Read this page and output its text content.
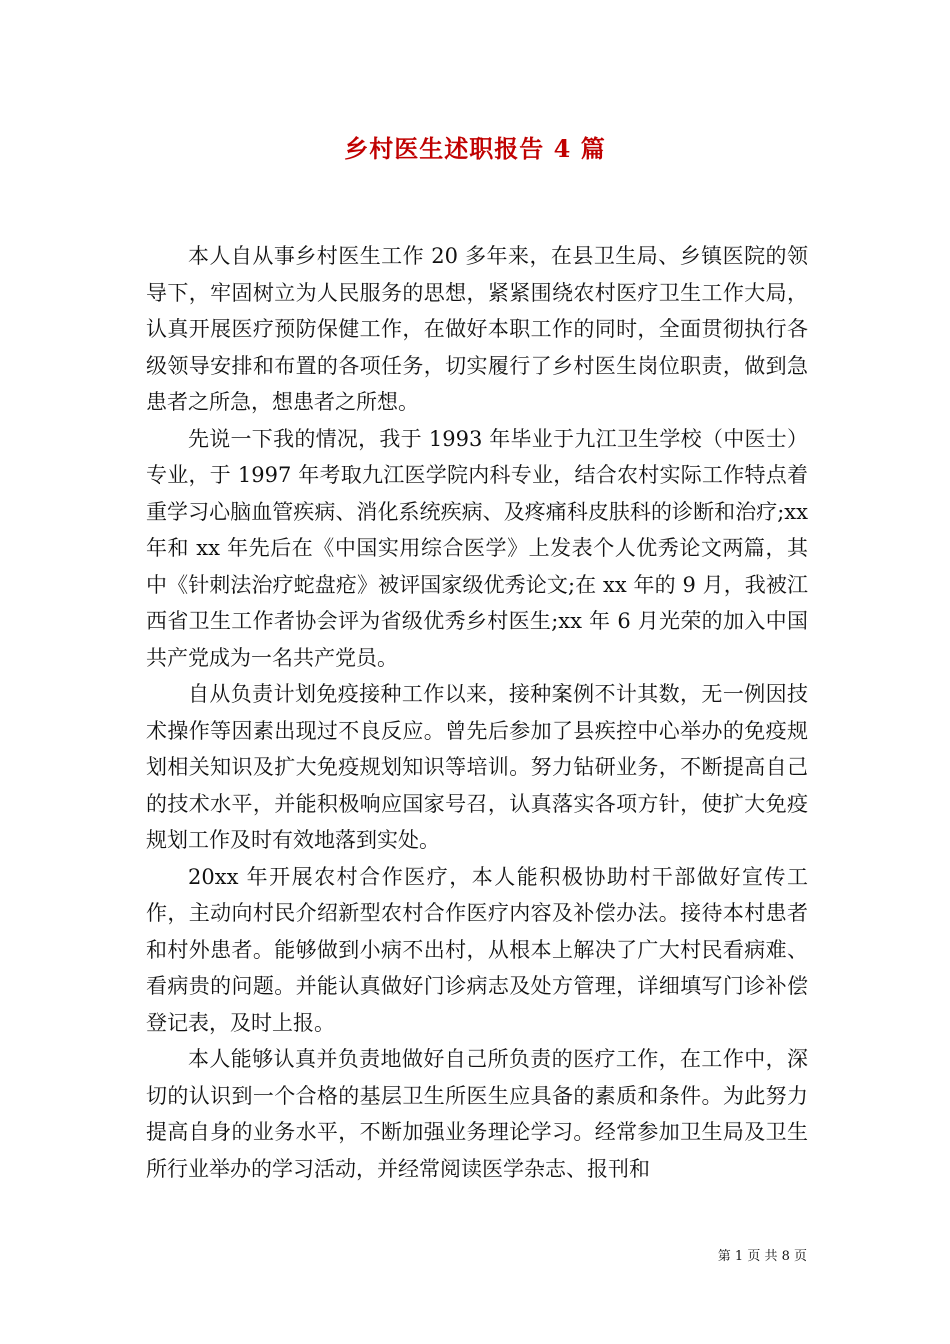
乡村医生述职报告 4 篇

本人自从事乡村医生工作 20 多年来，在县卫生局、乡镇医院的领导下，牢固树立为人民服务的思想，紧紧围绕农村医疗卫生工作大局，认真开展医疗预防保健工作，在做好本职工作的同时，全面贯彻执行各级领导安排和布置的各项任务，切实履行了乡村医生岗位职责，做到急患者之所急，想患者之所想。

先说一下我的情况，我于 1993 年毕业于九江卫生学校（中医士）专业，于 1997 年考取九江医学院内科专业，结合农村实际工作特点着重学习心脑血管疾病、消化系统疾病、及疼痛科皮肤科的诊断和治疗;xx 年和 xx 年先后在《中国实用综合医学》上发表个人优秀论文两篇，其中《针刺法治疗蛇盘疮》被评国家级优秀论文;在 xx 年的 9 月，我被江西省卫生工作者协会评为省级优秀乡村医生;xx 年 6 月光荣的加入中国共产党成为一名共产党员。

自从负责计划免疫接种工作以来，接种案例不计其数，无一例因技术操作等因素出现过不良反应。曾先后参加了县疾控中心举办的免疫规划相关知识及扩大免疫规划知识等培训。努力钻研业务，不断提高自己的技术水平，并能积极响应国家号召，认真落实各项方针，使扩大免疫规划工作及时有效地落到实处。

20xx 年开展农村合作医疗，本人能积极协助村干部做好宣传工作，主动向村民介绍新型农村合作医疗内容及补偿办法。接待本村患者和村外患者。能够做到小病不出村，从根本上解决了广大村民看病难、看病贵的问题。并能认真做好门诊病志及处方管理，详细填写门诊补偿登记表，及时上报。

本人能够认真并负责地做好自己所负责的医疗工作，在工作中，深切的认识到一个合格的基层卫生所医生应具备的素质和条件。为此努力提高自身的业务水平，不断加强业务理论学习。经常参加卫生局及卫生所行业举办的学习活动，并经常阅读医学杂志、报刊和

第 1 页 共 8 页
